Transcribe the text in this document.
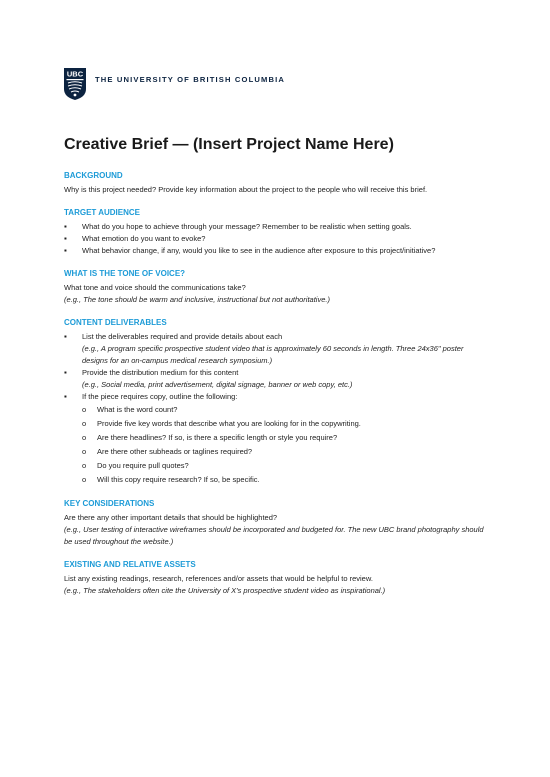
UBC
THE UNIVERSITY OF BRITISH COLUMBIA
Creative Brief — (Insert Project Name Here)
BACKGROUND

Why is this project needed? Provide key information about the project to the people who will receive this brief.

TARGET AUDIENCE
▪ What do you hope to achieve through your message? Remember to be realistic when setting goals.
▪ What emotion do you want to evoke?
▪ What behavior change, if any, would you like to see in the audience after exposure to this project/initiative?
WHAT IS THE TONE OF VOICE?

What tone and voice should the communications take?

(e.g., The tone should be warm and inclusive, instructional but not authoritative.)

CONTENT DELIVERABLES
▪ List the deliverables required and provide details about each
(e.g., A program specific prospective student video that is approximately 60 seconds in length. Three 24x36" poster designs for an on-campus medical research symposium.)
▪ Provide the distribution medium for this content
(e.g., Social media, print advertisement, digital signage, banner or web copy, etc.)
▪ If the piece requires copy, outline the following:
o What is the word count?
o Provide five key words that describe what you are looking for in the copywriting.
o Are there headlines? If so, is there a specific length or style you require?
o Are there other subheads or taglines required?
o Do you require pull quotes?
o Will this copy require research? If so, be specific.
KEY CONSIDERATIONS

Are there any other important details that should be highlighted?

(e.g., User testing of interactive wireframes should be incorporated and budgeted for. The new UBC brand photography should be used throughout the website.)

EXISTING AND RELATIVE ASSETS

List any existing readings, research, references and/or assets that would be helpful to review.

(e.g., The stakeholders often cite the University of X's prospective student video as inspirational.)
